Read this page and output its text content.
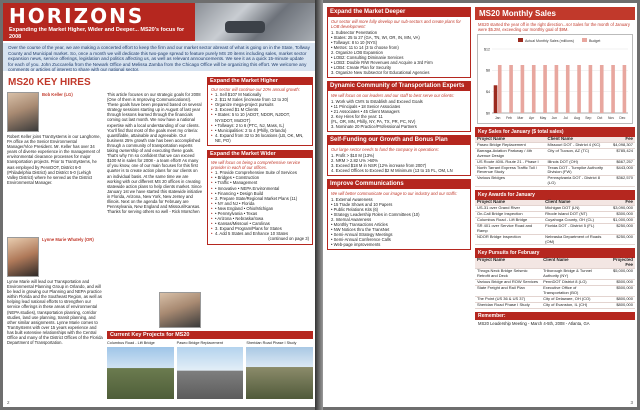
HORIZONS
Expanding the Market Higher, Wider and Deeper... MS20's focus for 2008
Over the course of the year, we are making a concerted effort to keep the firm and our market sector abreast of what is going on in the State, Tollway County and Municipal market. So, once a month we will dedicate this two-page spread to feature purely MS 20 items including sales, market sector expansion news, service offerings, legislation and politics affecting us, as well as relevant announcements. We see it as a quick 15-minute update for each of you. John Zuccarelia from the Newark Office and Melissa Zamba from the Chicago Office will be organizing this effort. We welcome any comments or articles of interest to share with our national sector.
MS20 KEY HIRES
Bob Keller (LG)
Robert Keller joins TranSystems in our Langhorne, PA office as the Senior Environmental Manager/Vice President. Mr. Keller has over 34 years of diverse experience in the management of environmental clearance processes for major transportation projects. Prior to TranSystems, he was employed by PennDOT, District 6-0 (Philadelphia District) and District 5-0 (Lehigh Valley District) where he served as the District Environmental Manager.
Lynne Marie Whately (OR)
Lynne Marie will lead our Transportation and Environmental Planning Group in Orlando, and will be lead in growing our Planning and NEPA practice within Florida and the Southeast Region, as well as helping lead national efforts to strengthen our service offerings in these areas of environmental (NEPA studies), transportation planning, corridor studies, land use planning, transit planning, and other similar assignments. Lynne Marie comes to TranSystems with over 15 years experience and has built extensive relationships with the Central Office and many of the District Offices of the Florida Department of Transportation.
This article focuses on our strategic goals for 2008 (One of them is Improving Communications!). These goals have been prepared based on several strategy sessions starting up in August of last year through lessons learned through the financials coming out last month. We now have a national expertise with a local understanding of our clients. You'll find that most of the goals meet my criteria: quantifiable, attainable and agreeable. Our business 25% growth rate has been accomplished through a community of transportation experts taking ownership of and executing these goals. That's why I'm so confident that we can exceed $100 M in sales for 2008 - a team effort! As many of you know, one of our main focuses for this first quarter is to create action plans for our clients on an individual basis. At the same time we are working with our different MS 20 offices in creating statewide action plans to help clients market. Since January 1st we have started this statewide initiative in Florida, Arizona, New York, New Jersey and Illinois. Next on the agenda for February are Pennsylvania, New England and Missouri/Kansas. Thanks for serving others so well - Rick Morschen
Expand the Market Higher
Our sector will continue our 20% annual growth:
• 1. Sell $107 M Nationally
• 2. $11 M Sales (increase from 12 to 20)
• Organize mega-project pursuits
• 3. Exceed $1 M Clients
• • States: 5 to 10 (ADOT, NDOR, NJDOT, NYSDOT, MoDOT)
• • Tollways: 2 to 6 (PTC, NJ, Mass, IL)
• • Municipalities: 2 to 4 (Philly, Orlando)
• 4. Expand from 32 to 36 locations (LB, OK, MN, NE, PO)
Expand the Market Wider
We will focus on being a comprehensive service provider in each of our offices.
• 1. Provide Comprehensive Suite of Services
• • Bridges • Construction
• • Traffic • Management
• • Innovative • NEPA Environmental
• • Financing • Design Build
• 2. Prepare State/Regional Market Plans (11)
• • NY and NJ • Florida
• • New England • Ohio/Michigan
• • Pennsylvania • Texas
• • Arizona • Nebraska/Iowa
• • Kansas/Missouri • Carolinas
• 3. Expand Program/Plans for States
• 4. Add 5 States and Enhance 10 States
(continued on page 3)
Current Key Projects for MS20
Columbus Road - Lift Bridge	Paseo Bridge Replacement	Sheridan Road Phase I Study
2
Expand the Market Deeper
Our sector will more fully develop our sub-sectors and create plans for LOB development:
1. Subsector Penetration
• States: 25 to 27 (GA, TN, WI, OR, IN, MN, VA)
• Tollways: 8 to 10 (NYS)
• Metros: 11 to 14 (3 to choose from)
2. Organize LOB Expansion
• LOB2: Consulting Diminanie Services
• LOB3: Double R/W Revenues and Acquire a 3rd Firm
• LOB4: Create Plan for Security
3. Organize New Subsector for Educational Agencies
Dynamic Community of Transportation Experts
We will focus on our leaders and our staff to best serve our clients:
1. Work with CM's to Establish and Exceed Goals
• 11 Principals • 18 Senior Associates
• 21 Associates • 45 Client Managers
2. Key Hires for the year: 11
(FL, OR, MN, Philly, NY, PA, TX, PR, PC, NV)
3. Nominate 20 Practice/Professional Partners
Self-Funding our Growth and Bonus Plan
Our large sector needs to fund the company in operations:
1. Profit > $10 M (13%)
2. NRM > 2.82 U% >60%
3. Exceed $18 M in NSR (12% increase from 2007)
4. Exceed Offices to Exceed $2 M Minimum (13 to 15 FL, OM, LN
Improve Communications
We will better communicate our image to our industry and our staffs:
1. External Awareness
• 15 Trade Shows and 10 Papers
• Public Relations Kits (6)
• Strategy Leadership Roles in Committees (10)
2. Internal Awareness
• Monthly Transactions Articles
• NW Notices thru the TransNet
• Semi-Annual Strategy Meetings
• Semi-Annual Conference Calls
• Web-page improvements
MS20 Monthly Sales
MS20 started the year off in the right direction...so! Sales for the month of January were $5.2M, exceeding our monthly goal of $9M.
Actual Monthly Sales (millions)	Budget
$0
$4
$8
$12
Jan Feb Mar Apr May Jun Jul Aug Sep Oct Nov Dec
Key Sales for January ($ total sales)
Project Name	Client Name	Fee
Paseo Bridge Replacement	Missouri DOT - District 4 (KC)	$4,098,307
Barraga-Aviation Parkway / 4th Avenue Design	City of Tucson, AZ (TC)	$785,424
US Route 40/IL Route 21 - Phase I	Illinois DOT (OH)	$667,257
North Tarrant Express Traffic Toll / Revenue Study	Texas DOT - Turnpike Authority Division (FW)	$443,000
Various Bridges	Pennsylvania DOT - District 8 (LG)	$362,570
Key Awards for January
Project Name	Client Name	Fee
US-31 over Grand River	Michigan DOT (LN)	$3,090,000
On-Call Bridge Inspection	Rhode Island DOT (NT)	$300,000
Columbus Road - Lift Bridge	Cuyahoga County, OH (CL)	$1,000,000
SR 401 over Service Road and Ramp	Florida DOT - District 5 (FL)	$250,000
NDOR Bridge Inspection	Nebraska Department of Roads (OM)	$250,000
Key Pursuits for February
Project Name	Client Name	Projected Fee
Throgs Neck Bridge Seismic Retrofit and Deck	Triborough Bridge & Tunnel Authority (NY)	$5,000,000
Various Bridge and ROW Services	PennDOT District 8 (LG)	$500,000
State Freight and Rail Plan	Executive Office of Transportation (BO)	$500,000
The Point (US 36 & US 37)	City of Delaware, OH (CO)	$800,000
Sheridan Road Phase I Study	City of Evanston, IL (CH)	$800,000
Remember:
MS20 Leadership Meeting - March 4-5th, 2008 - Atlanta, GA
3
